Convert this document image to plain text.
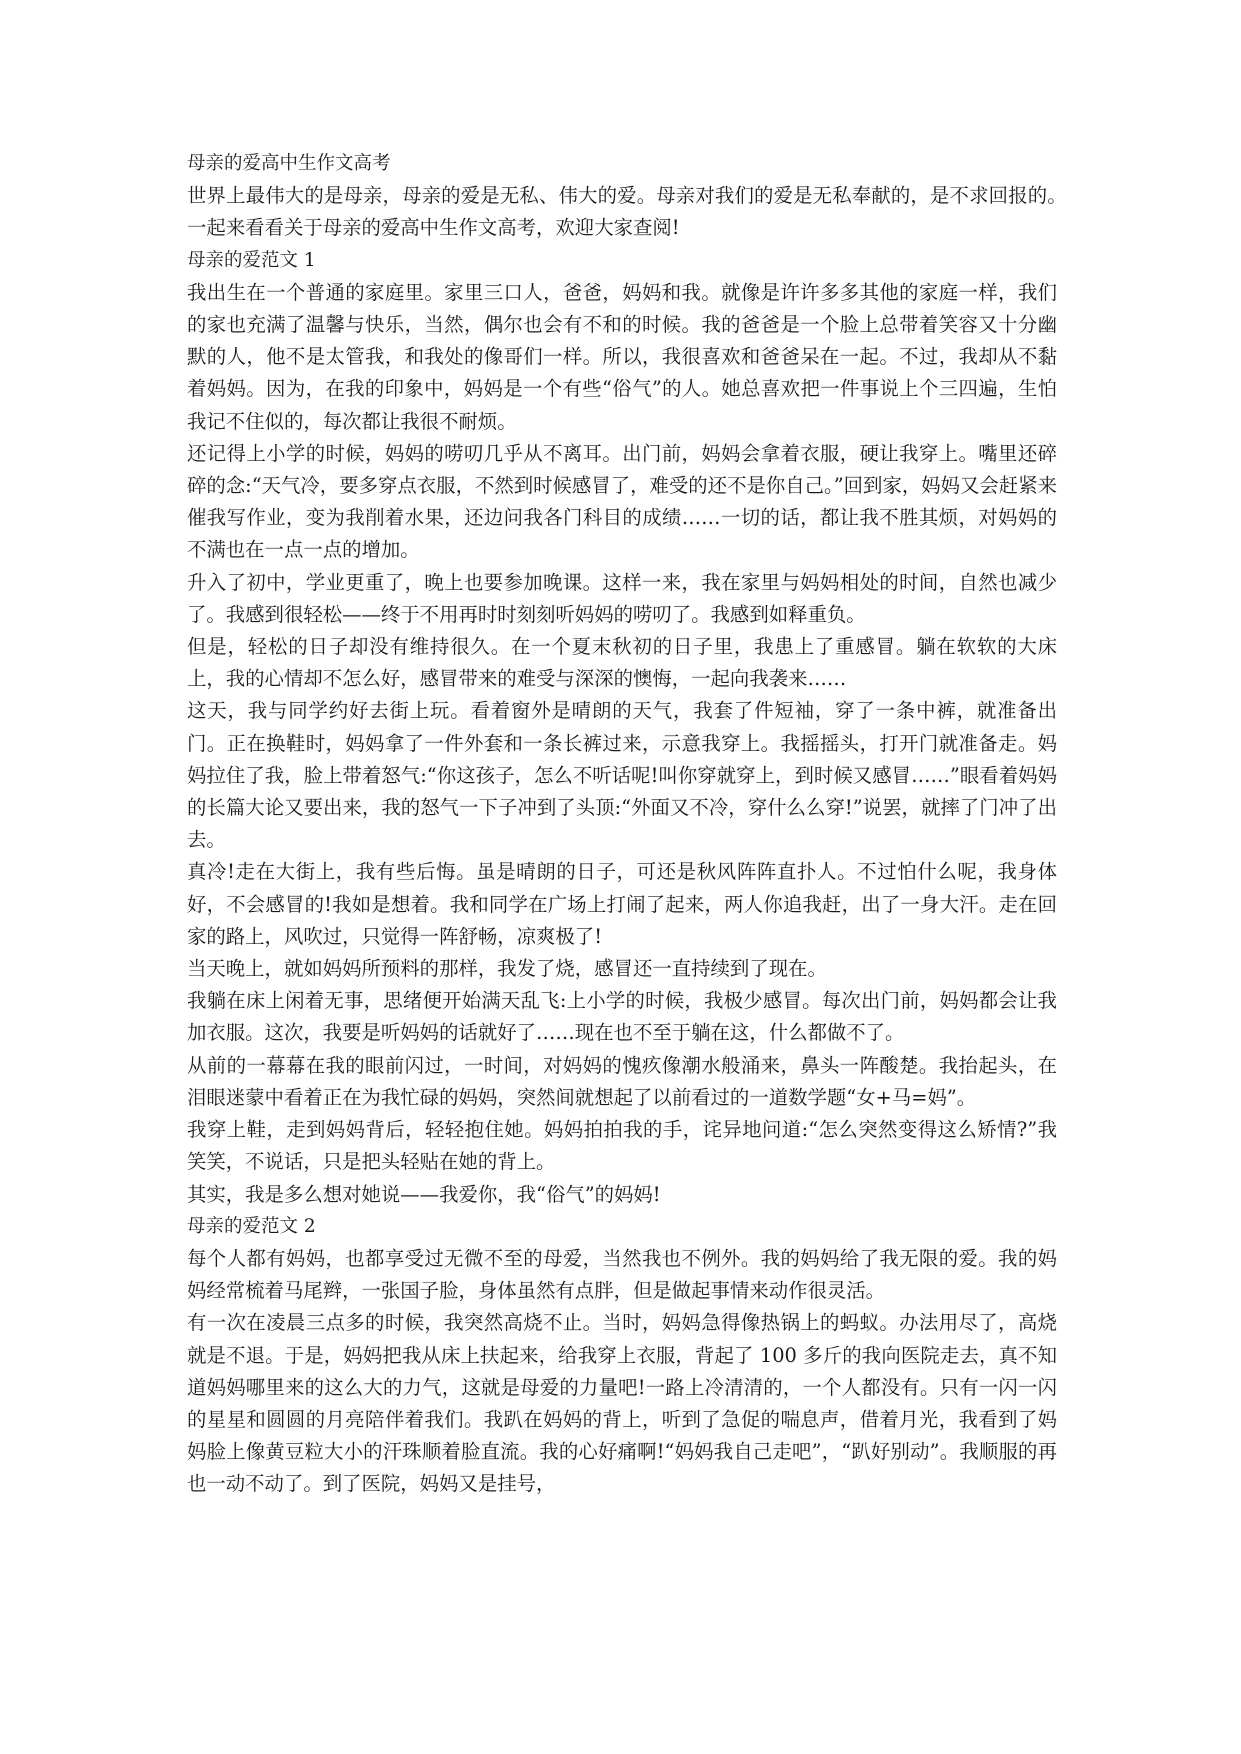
母亲的爱高中生作文高考

世界上最伟大的是母亲，母亲的爱是无私、伟大的爱。母亲对我们的爱是无私奉献的，是不求回报的。　　一起来看看关于母亲的爱高中生作文高考，欢迎大家查阅!

母亲的爱范文 1

我出生在一个普通的家庭里。家里三口人，爸爸，妈妈和我。就像是许许多多其他的家庭一样，我们的家也充满了温馨与快乐，当然，偶尔也会有不和的时候。我的爸爸是一个脸上总带着笑容又十分幽默的人，他不是太管我，和我处的像哥们一样。所以，我很喜欢和爸爸呆在一起。不过，我却从不黏着妈妈。因为，在我的印象中，妈妈是一个有些“俗气”的人。她总喜欢把一件事说上个三四遍，生怕我记不住似的，每次都让我很不耐烦。

还记得上小学的时候，妈妈的唠叨几乎从不离耳。出门前，妈妈会拿着衣服，硬让我穿上。嘴里还碎碎的念:“天气冷，要多穿点衣服，不然到时候感冒了，难受的还不是你自己。”回到家，妈妈又会赶紧来催我写作业，变为我削着水果，还边问我各门科目的成绩……一切的话，都让我不胜其烦，对妈妈的不满也在一点一点的增加。

升入了初中，学业更重了，晚上也要参加晚课。这样一来，我在家里与妈妈相处的时间，自然也减少了。我感到很轻松——终于不用再时时刻刻听妈妈的唠叨了。我感到如释重负。

但是，轻松的日子却没有维持很久。在一个夏末秋初的日子里，我患上了重感冒。躺在软软的大床上，我的心情却不怎么好，感冒带来的难受与深深的懊悔，一起向我袭来……

这天，我与同学约好去街上玩。看着窗外是晴朗的天气，我套了件短袖，穿了一条中裤，就准备出门。正在换鞋时，妈妈拿了一件外套和一条长裤过来，示意我穿上。我摇摇头，打开门就准备走。妈妈拉住了我，脸上带着怒气:“你这孩子，怎么不听话呢!叫你穿就穿上，到时候又感冒……”眼看着妈妈的长篇大论又要出来，我的怒气一下子冲到了头顶:“外面又不冷，穿什么么穿!”说罢，就摔了门冲了出去。

真冷!走在大街上，我有些后悔。虽是晴朗的日子，可还是秋风阵阵直扑人。不过怕什么呢，我身体好，不会感冒的!我如是想着。我和同学在广场上打闹了起来，两人你追我赶，出了一身大汗。走在回家的路上，风吹过，只觉得一阵舒畅，凉爽极了!

当天晚上，就如妈妈所预料的那样，我发了烧，感冒还一直持续到了现在。

我躺在床上闲着无事，思绪便开始满天乱飞:上小学的时候，我极少感冒。每次出门前，妈妈都会让我加衣服。这次，我要是听妈妈的话就好了……现在也不至于躺在这，什么都做不了。

从前的一幕幕在我的眼前闪过，一时间，对妈妈的愧疚像潮水般涌来，鼻头一阵酸楚。我抬起头，在泪眼迷蒙中看着正在为我忙碌的妈妈，突然间就想起了以前看过的一道数学题“女+马=妈”。

我穿上鞋，走到妈妈背后，轻轻抱住她。妈妈拍拍我的手，诧异地问道:“怎么突然变得这么矫情?”我笑笑，不说话，只是把头轻贴在她的背上。

其实，我是多么想对她说——我爱你，我“俗气”的妈妈!

母亲的爱范文 2

每个人都有妈妈，也都享受过无微不至的母爱，当然我也不例外。我的妈妈给了我无限的爱。我的妈妈经常梳着马尾辫，一张国子脸，身体虽然有点胖，但是做起事情来动作很灵活。

有一次在凌晨三点多的时候，我突然高烧不止。当时，妈妈急得像热锅上的蚂蚁。办法用尽了，高烧就是不退。于是，妈妈把我从床上扶起来，给我穿上衣服，背起了 100 多斤的我向医院走去，真不知道妈妈哪里来的这么大的力气，这就是母爱的力量吧!一路上冷清清的，一个人都没有。只有一闪一闪的星星和圆圆的月亮陪伴着我们。我趴在妈妈的背上，听到了急促的喘息声，借着月光，我看到了妈妈脸上像黄豆粒大小的汗珠顺着脸直流。我的心好痛啊!“妈妈我自己走吧”，“趴好别动”。我顺服的再也一动不动了。到了医院，妈妈又是挂号，
